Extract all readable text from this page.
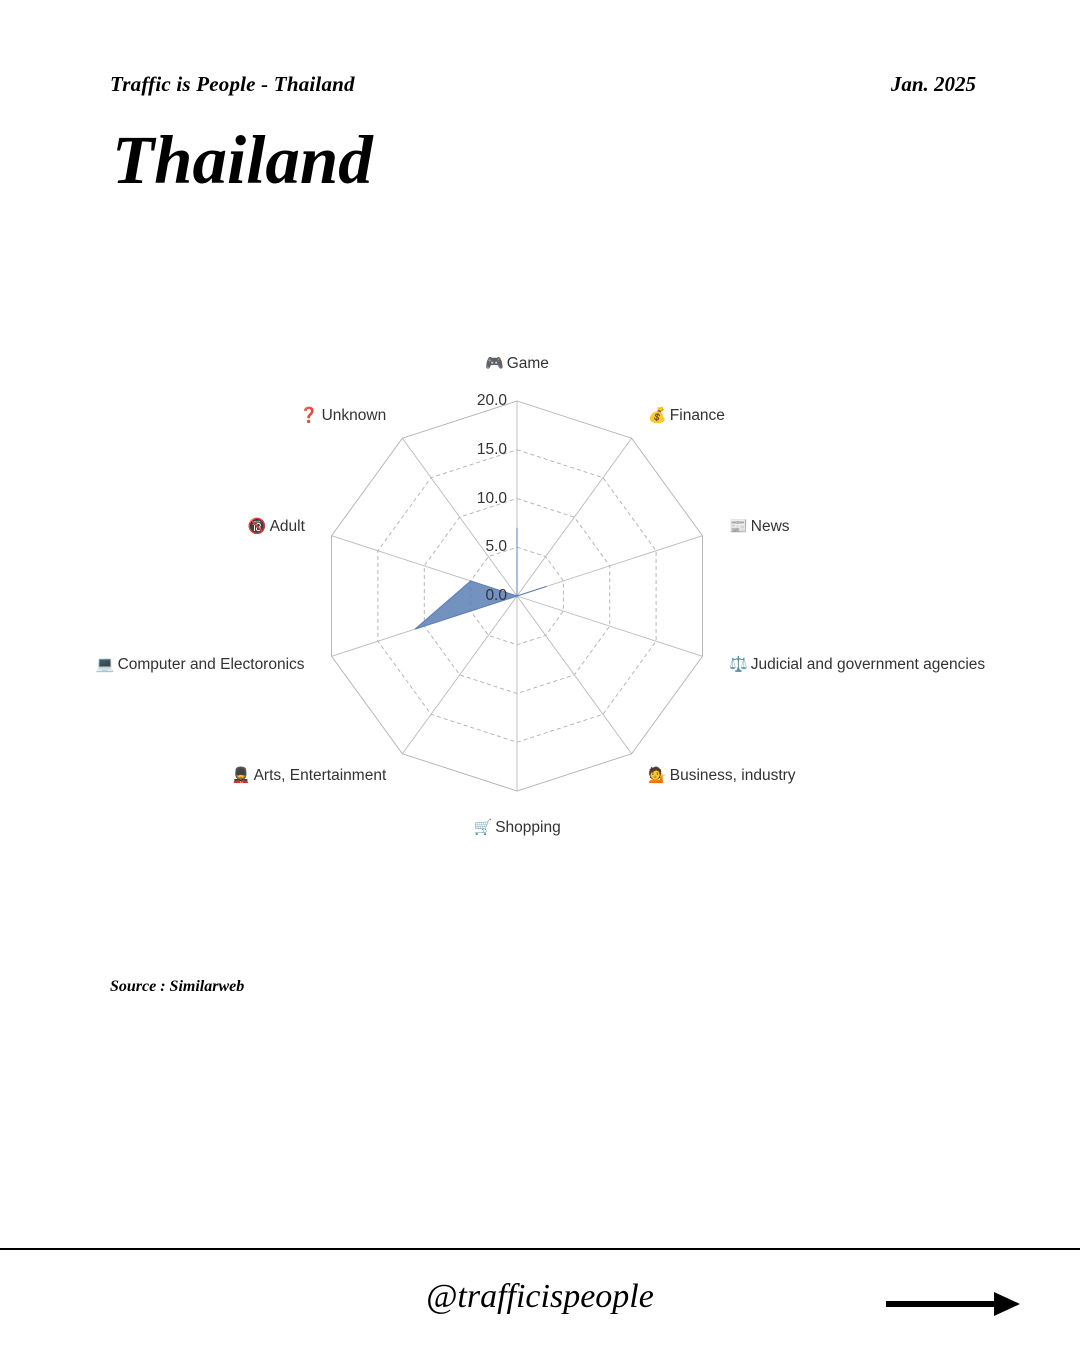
Traffic is People - Thailand	Jan. 2025
Thailand
0.0
5.0
10.0
15.0
20.0
🎮 Game
💰 Finance
📰 News
⚖️ Judicial and government agencies
💁 Business, industry
🛒 Shopping
💂 Arts, Entertainment
💻 Computer and Electoronics
🔞 Adult
❓ Unknown
Source : Similarweb
@trafficispeople
